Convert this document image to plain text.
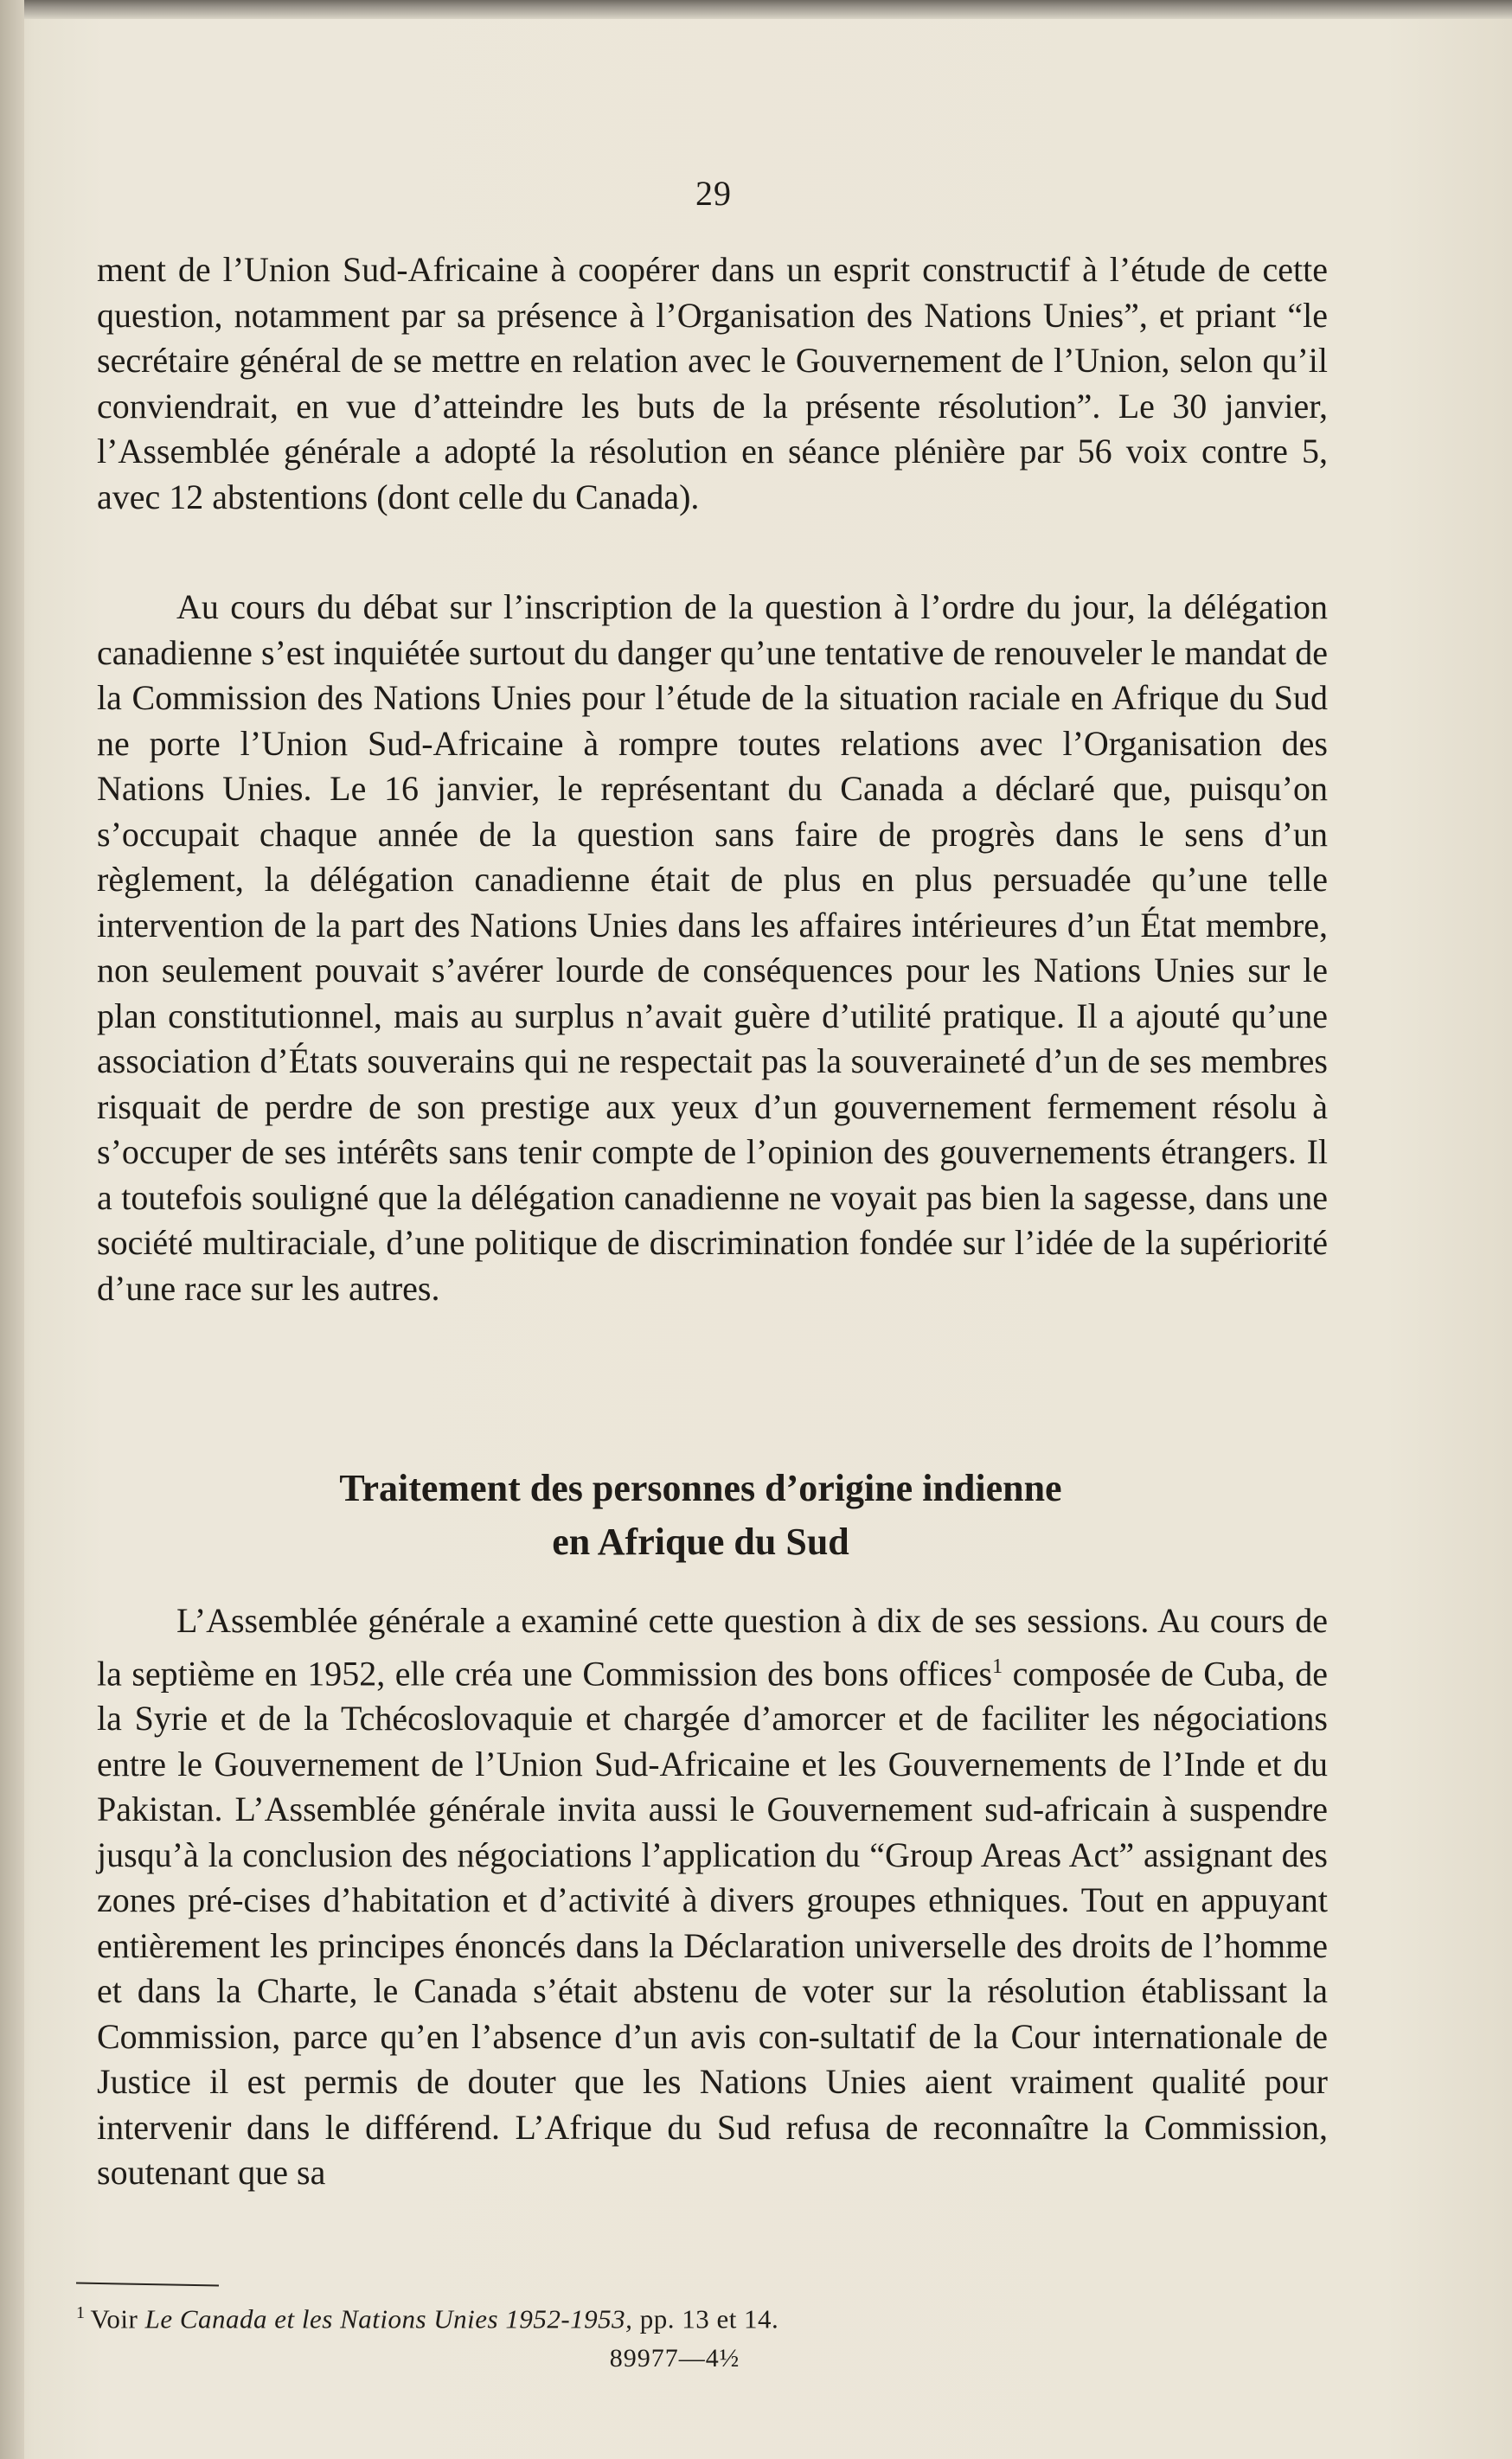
29

ment de l’Union Sud-Africaine à coopérer dans un esprit constructif à l’étude de cette question, notamment par sa présence à l’Organisation des Nations Unies”, et priant “le secrétaire général de se mettre en relation avec le Gouvernement de l’Union, selon qu’il conviendrait, en vue d’atteindre les buts de la présente résolution”. Le 30 janvier, l’Assemblée générale a adopté la résolution en séance plénière par 56 voix contre 5, avec 12 abstentions (dont celle du Canada).

Au cours du débat sur l’inscription de la question à l’ordre du jour, la délégation canadienne s’est inquiétée surtout du danger qu’une tentative de renouveler le mandat de la Commission des Nations Unies pour l’étude de la situation raciale en Afrique du Sud ne porte l’Union Sud-Africaine à rompre toutes relations avec l’Organisation des Nations Unies. Le 16 janvier, le représentant du Canada a déclaré que, puisqu’on s’occupait chaque année de la question sans faire de progrès dans le sens d’un règlement, la délégation canadienne était de plus en plus persuadée qu’une telle intervention de la part des Nations Unies dans les affaires intérieures d’un État membre, non seulement pouvait s’avérer lourde de conséquences pour les Nations Unies sur le plan constitutionnel, mais au surplus n’avait guère d’utilité pratique. Il a ajouté qu’une association d’États souverains qui ne respectait pas la souveraineté d’un de ses membres risquait de perdre de son prestige aux yeux d’un gouvernement fermement résolu à s’occuper de ses intérêts sans tenir compte de l’opinion des gouvernements étrangers. Il a toutefois souligné que la délégation canadienne ne voyait pas bien la sagesse, dans une société multiraciale, d’une politique de discrimination fondée sur l’idée de la supériorité d’une race sur les autres.

Traitement des personnes d’origine indienne
en Afrique du Sud

L’Assemblée générale a examiné cette question à dix de ses sessions. Au cours de la septième en 1952, elle créa une Commission des bons offices$^1$ composée de Cuba, de la Syrie et de la Tchécoslovaquie et chargée d’amorcer et de faciliter les négociations entre le Gouvernement de l’Union Sud-Africaine et les Gouvernements de l’Inde et du Pakistan. L’Assemblée générale invita aussi le Gouvernement sud-africain à suspendre jusqu’à la conclusion des négociations l’application du “Group Areas Act” assignant des zones pré-cises d’habitation et d’activité à divers groupes ethniques. Tout en appuyant entièrement les principes énoncés dans la Déclaration universelle des droits de l’homme et dans la Charte, le Canada s’était abstenu de voter sur la résolution établissant la Commission, parce qu’en l’absence d’un avis con-sultatif de la Cour internationale de Justice il est permis de douter que les Nations Unies aient vraiment qualité pour intervenir dans le différend. L’Afrique du Sud refusa de reconnaître la Commission, soutenant que sa

$^1$ Voir Le Canada et les Nations Unies 1952-1953, pp. 13 et 14.
89977—4½
